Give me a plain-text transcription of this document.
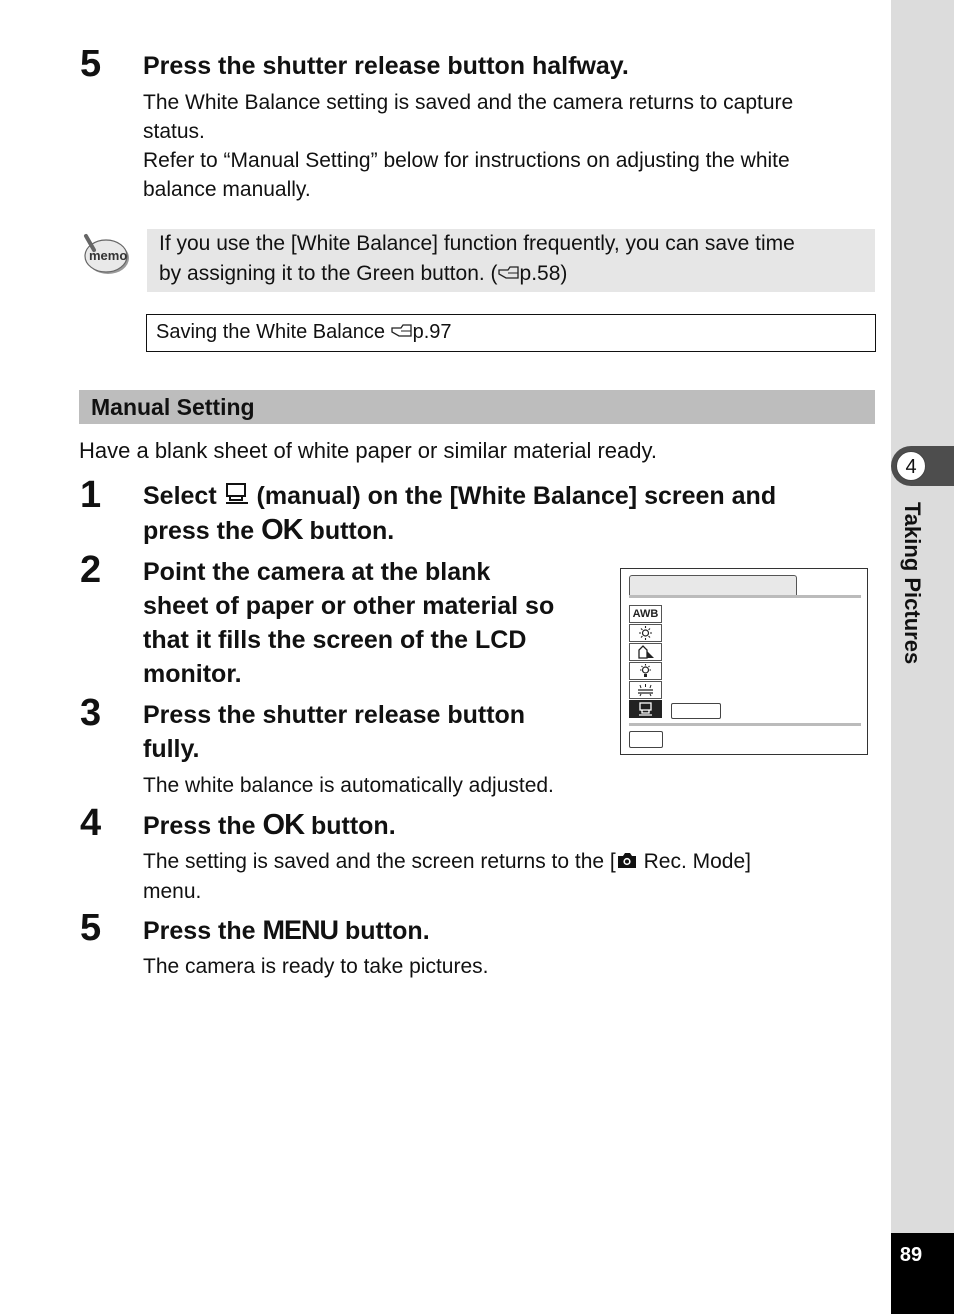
4
Taking Pictures
89
5 Press the shutter release button halfway.
The White Balance setting is saved and the camera returns to capture
status.
Refer to “Manual Setting” below for instructions on adjusting the white
balance manually.
memo
If you use the [White Balance] function frequently, you can save time
by assigning it to the Green button. ( p.58)
Saving the White Balance p.97
Manual Setting
Have a blank sheet of white paper or similar material ready.
1 Select  (manual) on the [White Balance] screen and
press the OK button.
2 Point the camera at the blank
sheet of paper or other material so
that it fills the screen of the LCD
monitor.
AWB
3 Press the shutter release button
fully.
The white balance is automatically adjusted.
4 Press the OK button.
The setting is saved and the screen returns to the [ Rec. Mode]
menu.
5 Press the MENU button.
The camera is ready to take pictures.
